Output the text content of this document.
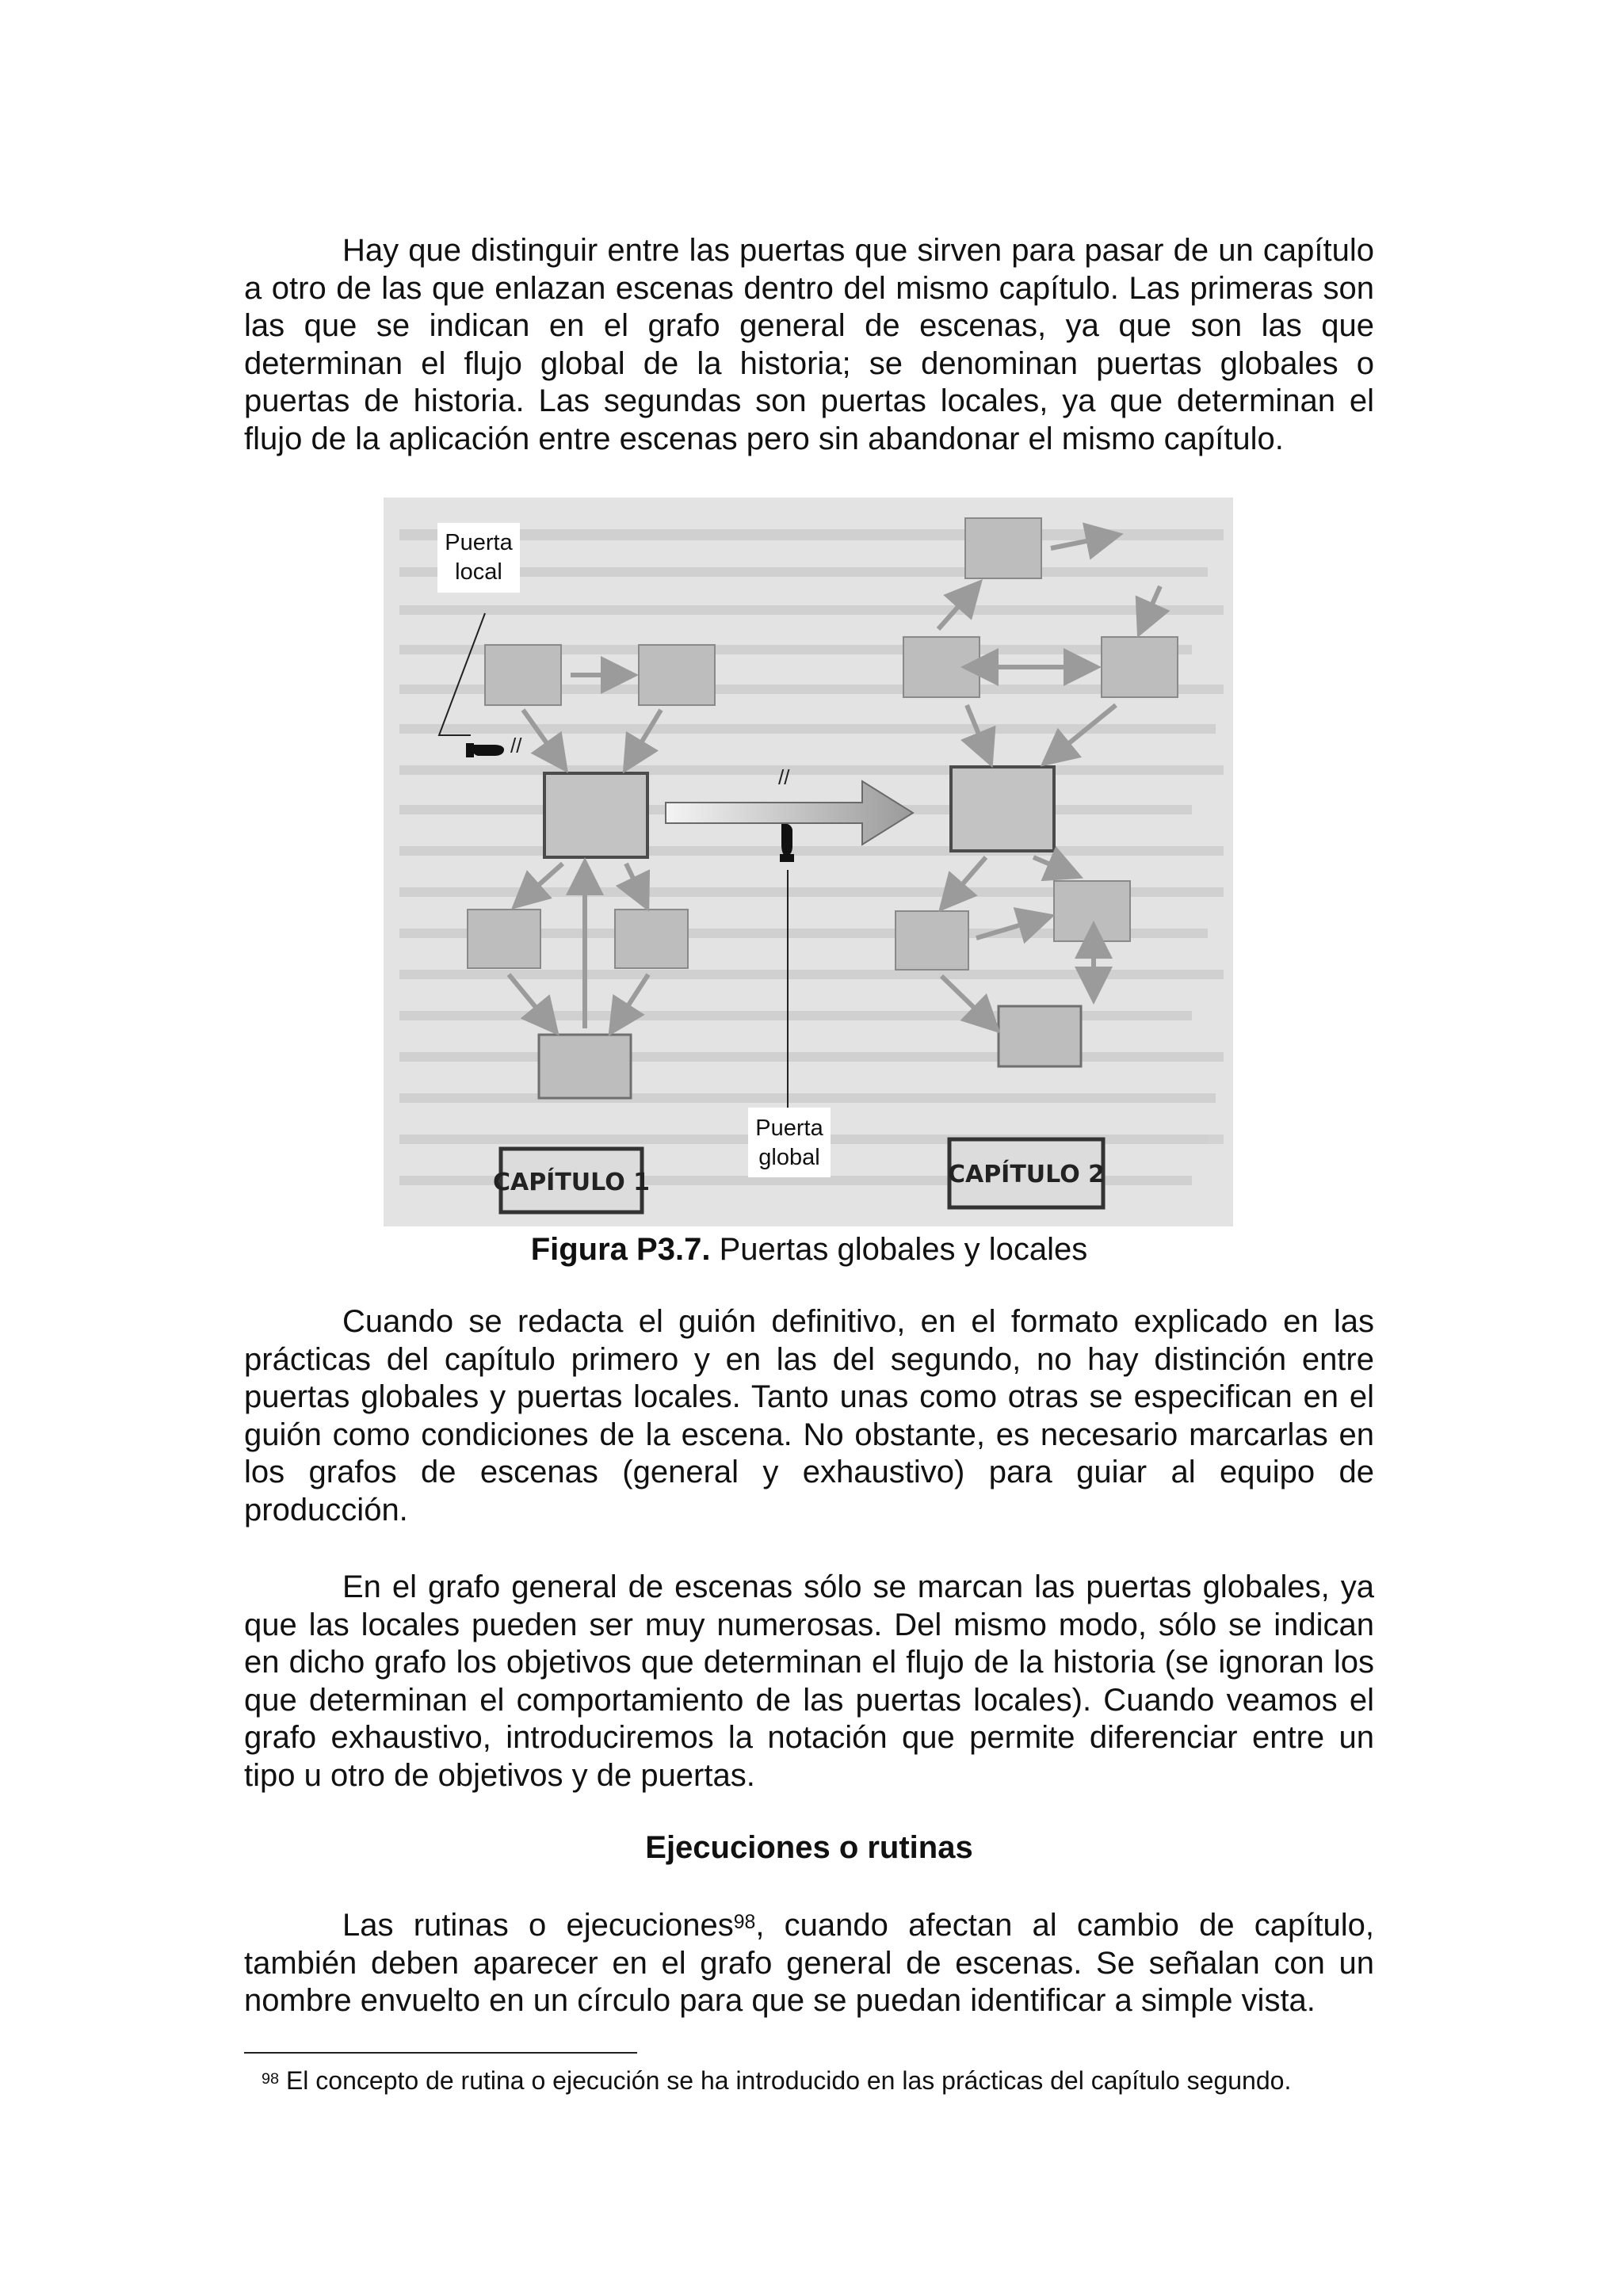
Hay que distinguir entre las puertas que sirven para pasar de un capítulo a otro de las que enlazan escenas dentro del mismo capítulo. Las primeras son las que se indican en el grafo general de escenas, ya que son las que determinan el flujo global de la historia; se denominan puertas globales o puertas de historia. Las segundas son puertas locales, ya que determinan el flujo de la aplicación entre escenas pero sin abandonar el mismo capítulo.

//
//
Puerta
local
Puerta
global
CAPÍTULO 1	CAPÍTULO 2

Figura P3.7. Puertas globales y locales

Cuando se redacta el guión definitivo, en el formato explicado en las prácticas del capítulo primero y en las del segundo, no hay distinción entre puertas globales y puertas locales. Tanto unas como otras se especifican en el guión como condiciones de la escena. No obstante, es necesario marcarlas en los grafos de escenas (general y exhaustivo) para guiar al equipo de producción.

En el grafo general de escenas sólo se marcan las puertas globales, ya que las locales pueden ser muy numerosas. Del mismo modo, sólo se indican en dicho grafo los objetivos que determinan el flujo de la historia (se ignoran los que determinan el comportamiento de las puertas locales). Cuando veamos el grafo exhaustivo, introduciremos la notación que permite diferenciar entre un tipo u otro de objetivos y de puertas.

Ejecuciones o rutinas

Las rutinas o ejecuciones$^{98}$, cuando afectan al cambio de capítulo, también deben aparecer en el grafo general de escenas. Se señalan con un nombre envuelto en un círculo para que se puedan identificar a simple vista.

$^{98}$ El concepto de rutina o ejecución se ha introducido en las prácticas del capítulo segundo.
